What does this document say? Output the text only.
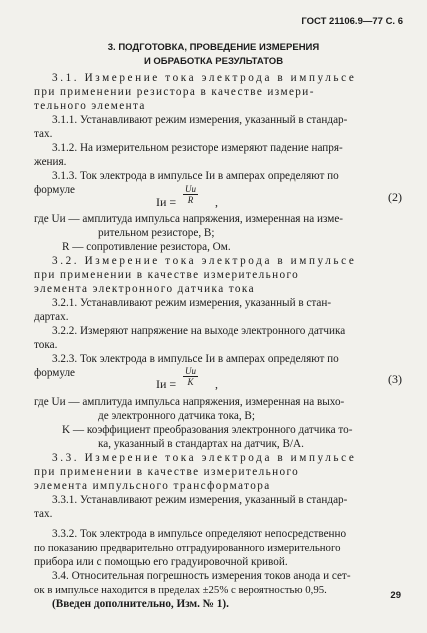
ГОСТ 21106.9—77 С. 6
3. ПОДГОТОВКА, ПРОВЕДЕНИЕ ИЗМЕРЕНИЯ
И ОБРАБОТКА РЕЗУЛЬТАТОВ
3.1. Измерение тока электрода в импульсе
при применении резистора в качестве измери-
тельного элемента
3.1.1. Устанавливают режим измерения, указанный в стандар-
тах.
3.1.2. На измерительном резисторе измеряют падение напря-
жения.
3.1.3. Ток электрода в импульсе Iи в амперах определяют по
формуле
Iи =
Uи
R	,	(2)
где Uи — амплитуда импульса напряжения, измеренная на изме-
рительном резисторе, В;
R — сопротивление резистора, Ом.
3.2. Измерение тока электрода в импульсе
при применении в качестве измерительного
элемента электронного датчика тока
3.2.1. Устанавливают режим измерения, указанный в стан-
дартах.
3.2.2. Измеряют напряжение на выходе электронного датчика
тока.
3.2.3. Ток электрода в импульсе Iи в амперах определяют по
формуле
Iи =
Uи
K	,	(3)
где Uи — амплитуда импульса напряжения, измеренная на выхо-
де электронного датчика тока, В;
K — коэффициент преобразования электронного датчика то-
ка, указанный в стандартах на датчик, В/А.
3.3. Измерение тока электрода в импульсе
при применении в качестве измерительного
элемента импульсного трансформатора
3.3.1. Устанавливают режим измерения, указанный в стандар-
тах.
3.3.2. Ток электрода в импульсе определяют непосредственно
по показанию предварительно отградуированного измерительного
прибора или с помощью его градуировочной кривой.
3.4. Относительная погрешность измерения токов анода и сет-
ок в импульсе находится в пределах ±25% с вероятностью 0,95.
(Введен дополнительно, Изм. № 1).
29
